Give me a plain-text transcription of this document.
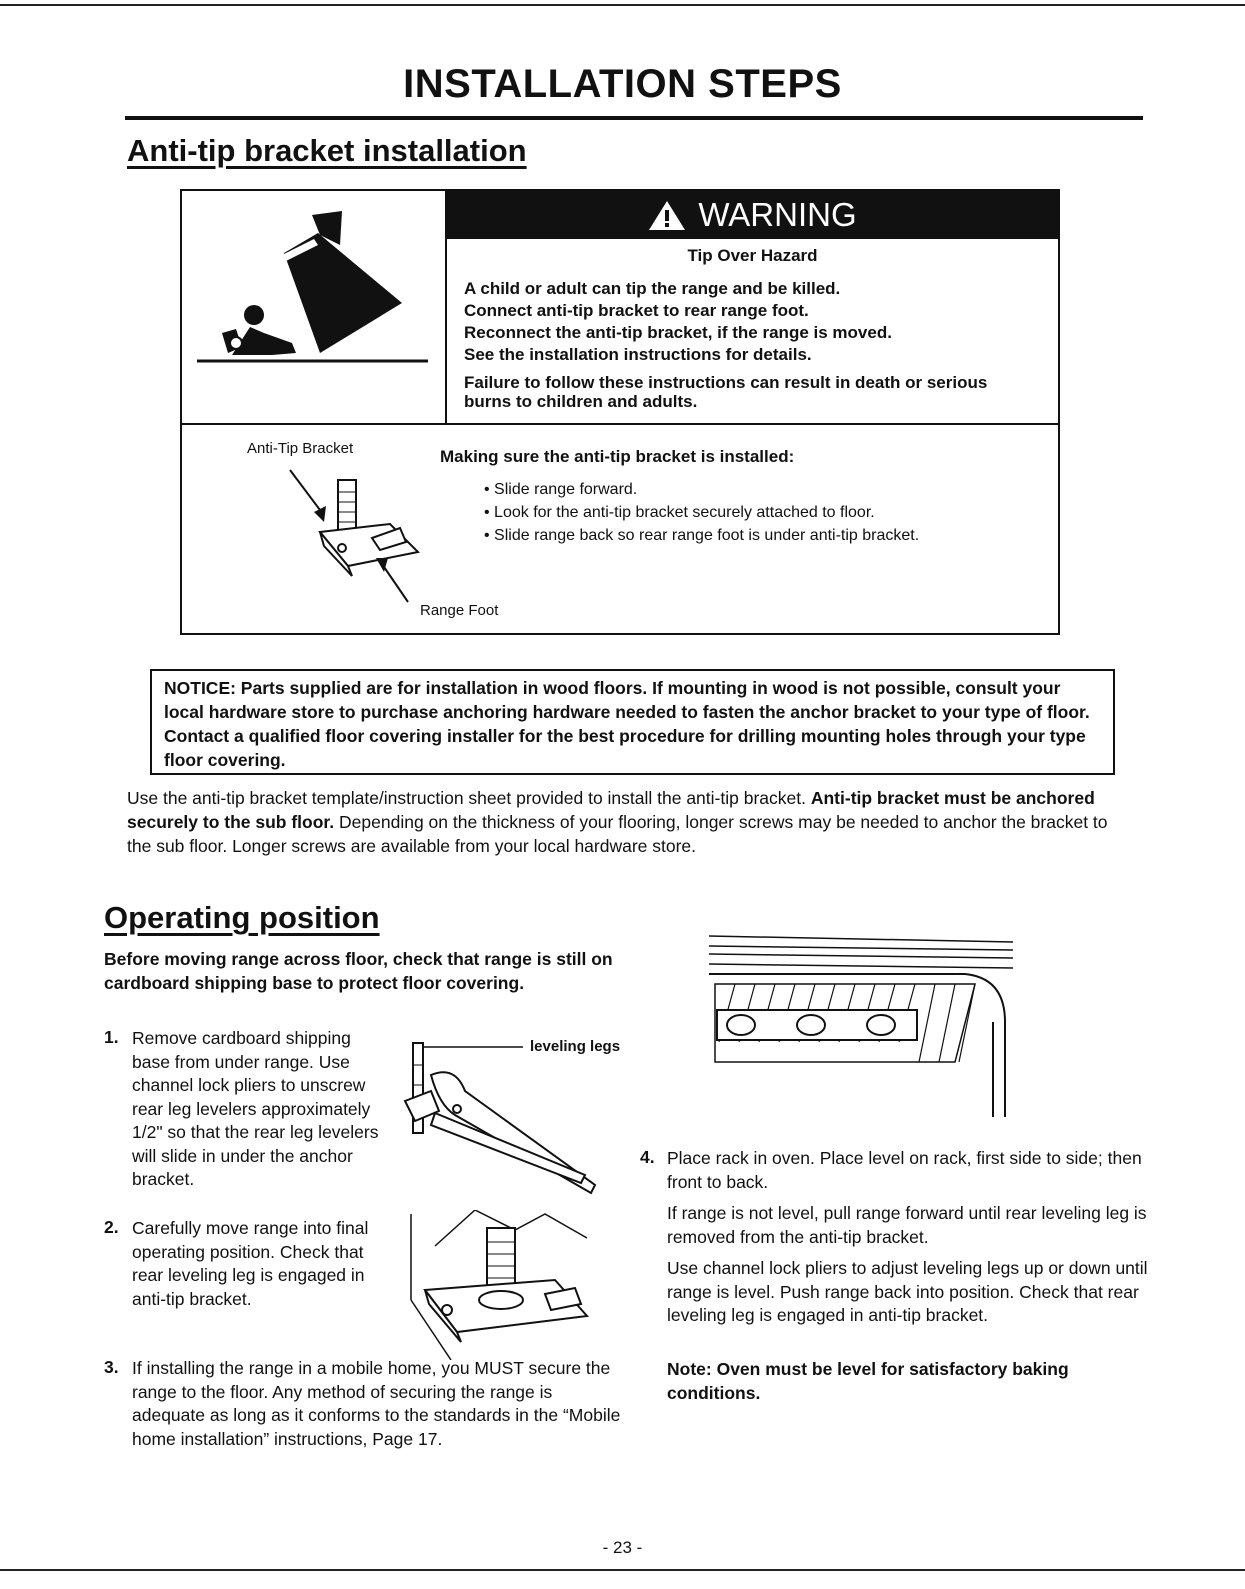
INSTALLATION STEPS
Anti-tip bracket installation
WARNING
Tip Over Hazard
A child or adult can tip the range and be killed.
Connect anti-tip bracket to rear range foot.
Reconnect the anti-tip bracket, if the range is moved.
See the installation instructions for details.
Failure to follow these instructions can result in death or serious burns to children and adults.
Anti-Tip Bracket
Range Foot
Making sure the anti-tip bracket is installed:
• Slide range forward.
• Look for the anti-tip bracket securely attached to floor.
• Slide range back so rear range foot is under anti-tip bracket.
NOTICE: Parts supplied are for installation in wood floors. If mounting in wood is not possible, consult your local hardware store to purchase anchoring hardware needed to fasten the anchor bracket to your type of floor. Contact a qualified floor covering installer for the best procedure for drilling mounting holes through your type floor covering.

Use the anti-tip bracket template/instruction sheet provided to install the anti-tip bracket. Anti-tip bracket must be anchored securely to the sub floor. Depending on the thickness of your flooring, longer screws may be needed to anchor the bracket to the sub floor. Longer screws are available from your local hardware store.

Operating position

Before moving range across floor, check that range is still on cardboard shipping base to protect floor covering.

1. Remove cardboard shipping base from under range. Use channel lock pliers to unscrew rear leg levelers approximately 1/2" so that the rear leg levelers will slide in under the anchor bracket.

leveling legs
2. Carefully move range into final operating position. Check that rear leveling leg is engaged in anti-tip bracket.

3. If installing the range in a mobile home, you MUST secure the range to the floor. Any method of securing the range is adequate as long as it conforms to the standards in the “Mobile home installation” instructions, Page 17.

4. Place rack in oven. Place level on rack, first side to side; then front to back.

If range is not level, pull range forward until rear leveling leg is removed from the anti-tip bracket.

Use channel lock pliers to adjust leveling legs up or down until range is level. Push range back into position. Check that rear leveling leg is engaged in anti-tip bracket.

Note: Oven must be level for satisfactory baking conditions.

- 23 -
